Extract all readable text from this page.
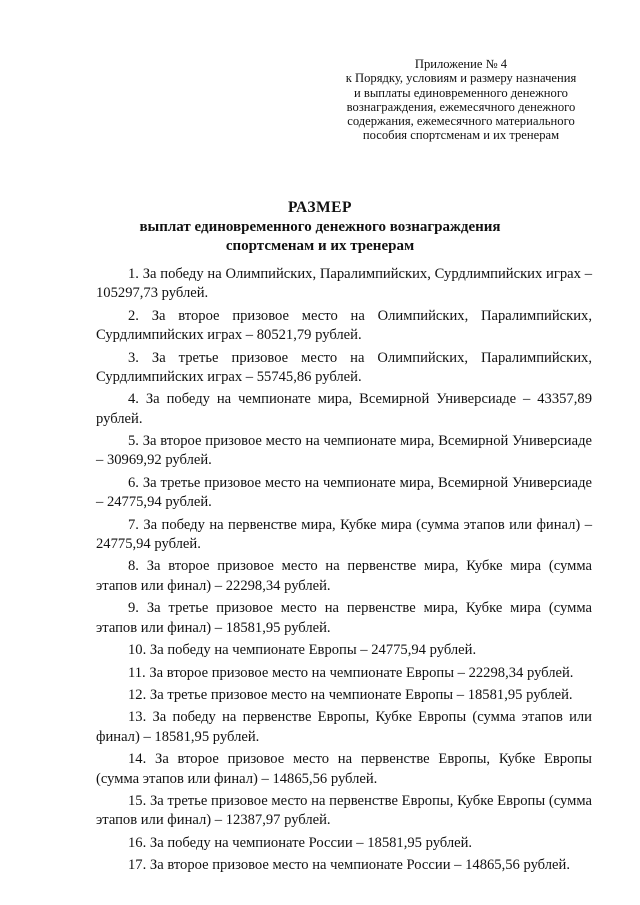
Приложение № 4
к Порядку, условиям и размеру назначения
и выплаты единовременного денежного
вознаграждения, ежемесячного денежного
содержания, ежемесячного материального
пособия спортсменам и их тренерам
РАЗМЕР
выплат единовременного денежного вознаграждения
спортсменам и их тренерам

1. За победу на Олимпийских, Паралимпийских, Сурдлимпийских играх – 105297,73 рублей.

2. За второе призовое место на Олимпийских, Паралимпийских, Сурдлимпийских играх – 80521,79 рублей.

3. За третье призовое место на Олимпийских, Паралимпийских, Сурдлимпийских играх – 55745,86 рублей.

4. За победу на чемпионате мира, Всемирной Универсиаде – 43357,89 рублей.

5. За второе призовое место на чемпионате мира, Всемирной Универсиаде – 30969,92 рублей.

6. За третье призовое место на чемпионате мира, Всемирной Универсиаде – 24775,94 рублей.

7. За победу на первенстве мира, Кубке мира (сумма этапов или финал) – 24775,94 рублей.

8. За второе призовое место на первенстве мира, Кубке мира (сумма этапов или финал) – 22298,34 рублей.

9. За третье призовое место на первенстве мира, Кубке мира (сумма этапов или финал) – 18581,95 рублей.

10. За победу на чемпионате Европы – 24775,94 рублей.

11. За второе призовое место на чемпионате Европы – 22298,34 рублей.

12. За третье призовое место на чемпионате Европы – 18581,95 рублей.

13. За победу на первенстве Европы, Кубке Европы (сумма этапов или финал) – 18581,95 рублей.

14. За второе призовое место на первенстве Европы, Кубке Европы (сумма этапов или финал) – 14865,56 рублей.

15. За третье призовое место на первенстве Европы, Кубке Европы (сумма этапов или финал) – 12387,97 рублей.

16. За победу на чемпионате России – 18581,95 рублей.

17. За второе призовое место на чемпионате России – 14865,56 рублей.
